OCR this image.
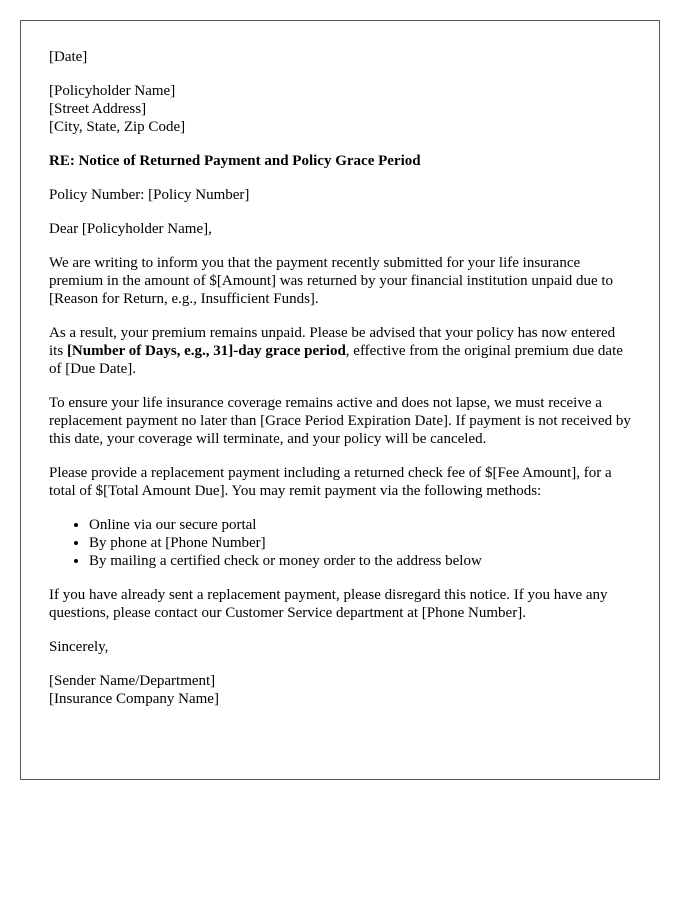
[Date]

[Policyholder Name]

[Street Address]

[City, State, Zip Code]

RE: Notice of Returned Payment and Policy Grace Period

Policy Number: [Policy Number]

Dear [Policyholder Name],

We are writing to inform you that the payment recently submitted for your life insurance premium in the amount of $[Amount] was returned by your financial institution unpaid due to [Reason for Return, e.g., Insufficient Funds].

As a result, your premium remains unpaid. Please be advised that your policy has now entered its [Number of Days, e.g., 31]-day grace period, effective from the original premium due date of [Due Date].

To ensure your life insurance coverage remains active and does not lapse, we must receive a replacement payment no later than [Grace Period Expiration Date]. If payment is not received by this date, your coverage will terminate, and your policy will be canceled.

Please provide a replacement payment including a returned check fee of $[Fee Amount], for a total of $[Total Amount Due]. You may remit payment via the following methods:

• Online via our secure portal
• By phone at [Phone Number]
• By mailing a certified check or money order to the address below

If you have already sent a replacement payment, please disregard this notice. If you have any questions, please contact our Customer Service department at [Phone Number].

Sincerely,

[Sender Name/Department]

[Insurance Company Name]
